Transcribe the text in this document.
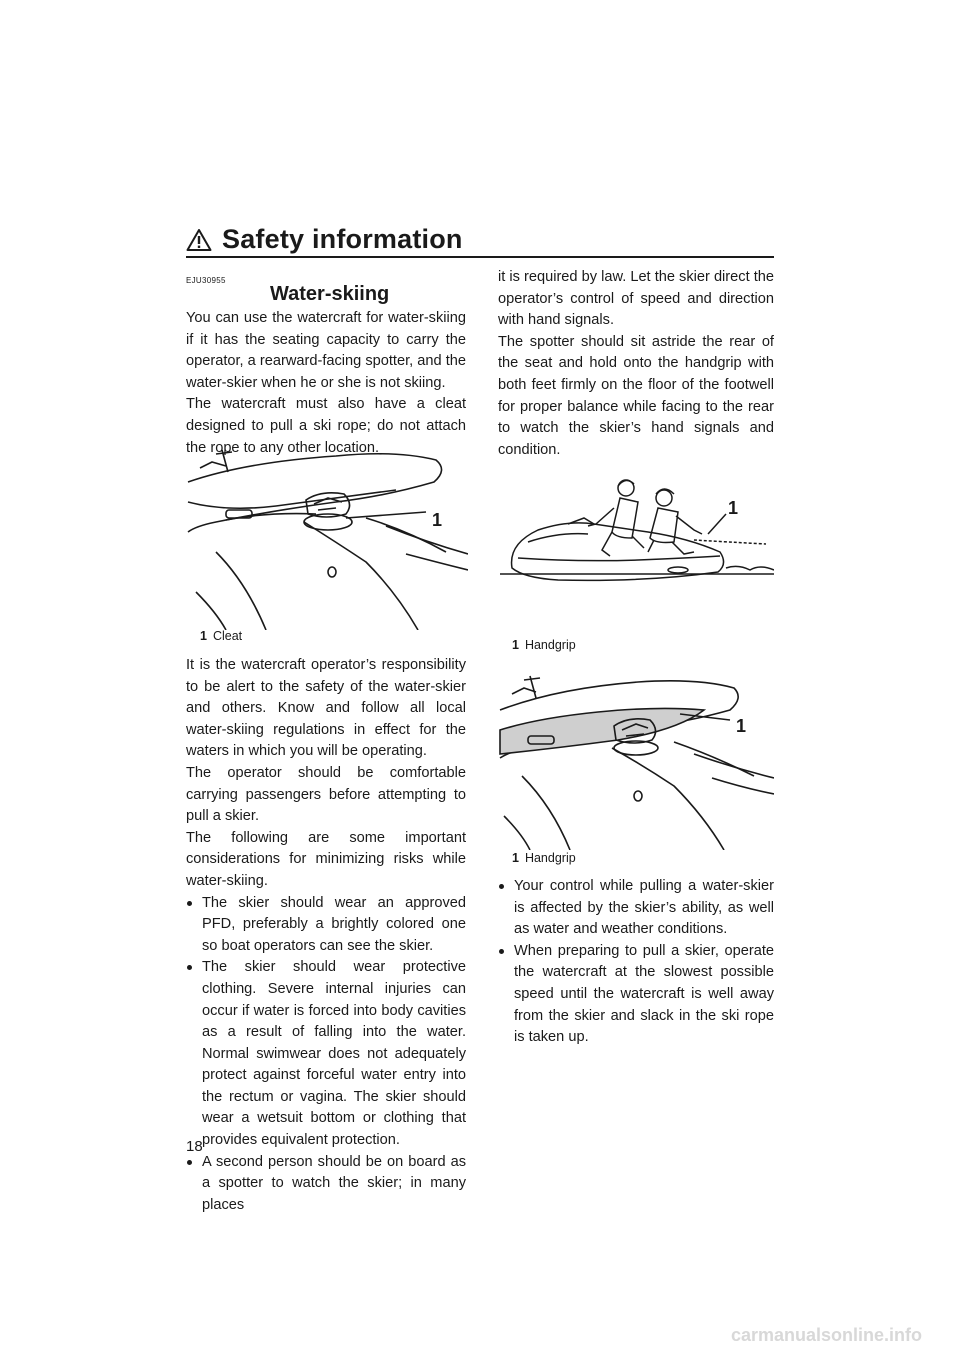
Safety information
EJU30955
Water-skiing

You can use the watercraft for water-skiing if it has the seating capacity to carry the operator, a rearward-facing spotter, and the water-skier when he or she is not skiing.

The watercraft must also have a cleat designed to pull a ski rope; do not attach the rope to any other location.

1
1 Cleat

It is the watercraft operator’s responsibility to be alert to the safety of the water-skier and others. Know and follow all local water-skiing regulations in effect for the waters in which you will be operating.

The operator should be comfortable carrying passengers before attempting to pull a skier.

The following are some important considerations for minimizing risks while water-skiing.

The skier should wear an approved PFD, preferably a brightly colored one so boat operators can see the skier.
The skier should wear protective clothing. Severe internal injuries can occur if water is forced into body cavities as a result of falling into the water. Normal swimwear does not adequately protect against forceful water entry into the rectum or vagina. The skier should wear a wetsuit bottom or clothing that provides equivalent protection.
A second person should be on board as a spotter to watch the skier; in many places

it is required by law. Let the skier direct the operator’s control of speed and direction with hand signals.

The spotter should sit astride the rear of the seat and hold onto the handgrip with both feet firmly on the floor of the footwell for proper balance while facing to the rear to watch the skier’s hand signals and condition.

1
1 Handgrip
1
1 Handgrip
Your control while pulling a water-skier is affected by the skier’s ability, as well as water and weather conditions.
When preparing to pull a skier, operate the watercraft at the slowest possible speed until the watercraft is well away from the skier and slack in the ski rope is taken up.
18
carmanualsonline.info
